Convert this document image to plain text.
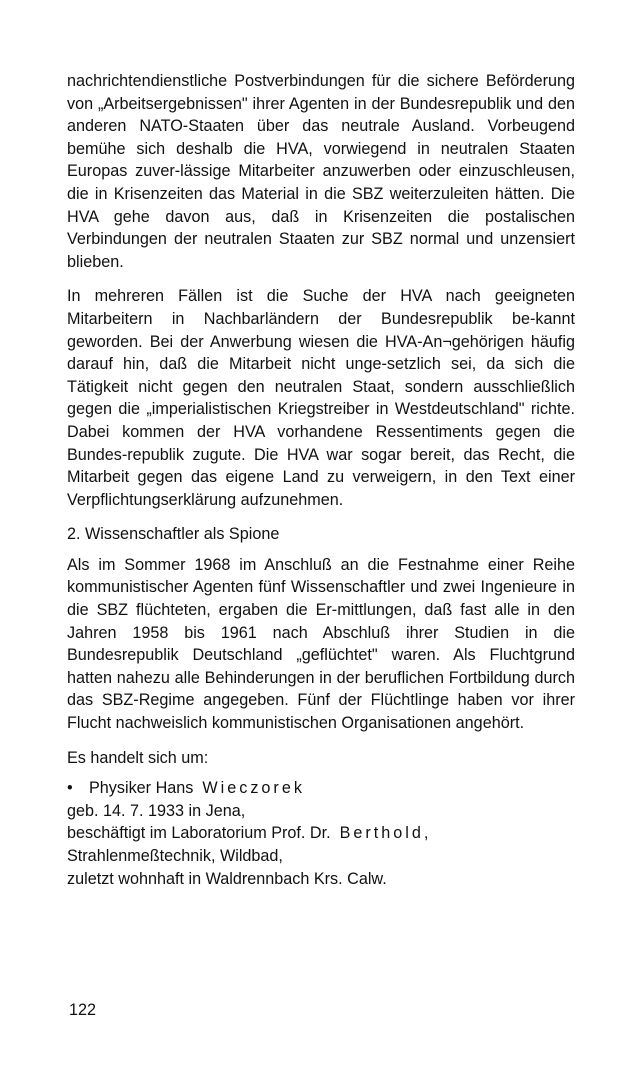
nachrichtendienstliche Postverbindungen für die sichere Beförderung von „Arbeitsergebnissen" ihrer Agenten in der Bundesrepublik und den anderen NATO-Staaten über das neutrale Ausland. Vorbeugend bemühe sich deshalb die HVA, vorwiegend in neutralen Staaten Europas zuver-lässige Mitarbeiter anzuwerben oder einzuschleusen, die in Krisenzeiten das Material in die SBZ weiterzuleiten hätten. Die HVA gehe davon aus, daß in Krisenzeiten die postalischen Verbindungen der neutralen Staaten zur SBZ normal und unzensiert blieben.

In mehreren Fällen ist die Suche der HVA nach geeigneten Mitarbeitern in Nachbarländern der Bundesrepublik be-kannt geworden. Bei der Anwerbung wiesen die HVA-An¬gehörigen häufig darauf hin, daß die Mitarbeit nicht unge-setzlich sei, da sich die Tätigkeit nicht gegen den neutralen Staat, sondern ausschließlich gegen die „imperialistischen Kriegstreiber in Westdeutschland" richte. Dabei kommen der HVA vorhandene Ressentiments gegen die Bundes-republik zugute. Die HVA war sogar bereit, das Recht, die Mitarbeit gegen das eigene Land zu verweigern, in den Text einer Verpflichtungserklärung aufzunehmen.

2. Wissenschaftler als Spione

Als im Sommer 1968 im Anschluß an die Festnahme einer Reihe kommunistischer Agenten fünf Wissenschaftler und zwei Ingenieure in die SBZ flüchteten, ergaben die Er-mittlungen, daß fast alle in den Jahren 1958 bis 1961 nach Abschluß ihrer Studien in die Bundesrepublik Deutschland „geflüchtet" waren. Als Fluchtgrund hatten nahezu alle Behinderungen in der beruflichen Fortbildung durch das SBZ-Regime angegeben. Fünf der Flüchtlinge haben vor ihrer Flucht nachweislich kommunistischen Organisationen angehört.

Es handelt sich um:

• Physiker Hans Wieczorek
geb. 14. 7. 1933 in Jena,
beschäftigt im Laboratorium Prof. Dr. Berthold,
Strahlenmeßtechnik, Wildbad,
zuletzt wohnhaft in Waldrennbach Krs. Calw.
122
